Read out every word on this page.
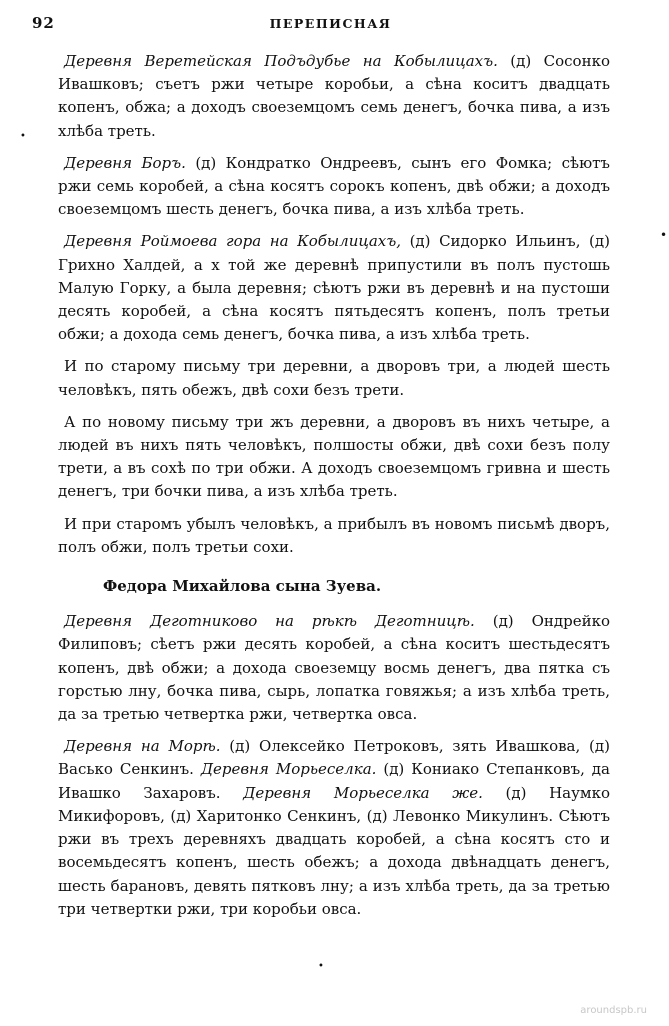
92	ПЕРЕПИСНАЯ

Деревня Веретейская Подъдубье на Кобылицахъ. (д) Сосонко Ивашковъ; съетъ ржи четыре коробьи, а сѣна коситъ двадцать копенъ, обжа; а доходъ своеземцомъ семь денегъ, бочка пива, а изъ хлѣба треть.

Деревня Боръ. (д) Кондратко Ондреевъ, сынъ его Фомка; сѣютъ ржи семь коробей, а сѣна косятъ сорокъ копенъ, двѣ обжи; а доходъ своеземцомъ шесть денегъ, бочка пива, а изъ хлѣба треть.

Деревня Роймоева гора на Кобылицахъ, (д) Сидорко Ильинъ, (д) Грихно Халдей, а х той же деревнѣ припустили въ полъ пустошь Малую Горку, а была деревня; сѣютъ ржи въ деревнѣ и на пустоши десять коробей, а сѣна косятъ пятьдесятъ копенъ, полъ третьи обжи; а дохода семь денегъ, бочка пива, а изъ хлѣба треть.

И по старому письму три деревни, а дворовъ три, а людей шесть человѣкъ, пять обежъ, двѣ сохи безъ трети.

А по новому письму три жъ деревни, а дворовъ въ нихъ четыре, а людей въ нихъ пять человѣкъ, полшосты обжи, двѣ сохи безъ полу трети, а въ сохѣ по три обжи. А доходъ своеземцомъ гривна и шесть денегъ, три бочки пива, а изъ хлѣба треть.

И при старомъ убылъ человѣкъ, а прибылъ въ новомъ письмѣ дворъ, полъ обжи, полъ третьи сохи.

Федора Михайлова сына Зуева.

Деревня Деготниково на рѣкѣ Деготницѣ. (д) Ондрейко Филиповъ; сѣетъ ржи десять коробей, а сѣна коситъ шестьдесятъ копенъ, двѣ обжи; а дохода своеземцу восмь денегъ, два пятка съ горстью лну, бочка пива, сырь, лопатка говяжья; а изъ хлѣба треть, да за третью четвертка ржи, четвертка овса.

Деревня на Морѣ. (д) Олексейко Петроковъ, зять Ивашкова, (д) Васько Сенкинъ. Деревня Морьеселка. (д) Кониако Степанковъ, да Ивашко Захаровъ. Деревня Морьеселка же. (д) Наумко Микифоровъ, (д) Харитонко Сенкинъ, (д) Левонко Микулинъ. Сѣютъ ржи въ трехъ деревняхъ двадцать коробей, а сѣна косятъ сто и восемьдесятъ копенъ, шесть обежъ; а дохода двѣнадцать денегъ, шесть барановъ, девять пятковъ лну; а изъ хлѣба треть, да за третью три четвертки ржи, три коробьи овса.

•
•
•
aroundspb.ru
